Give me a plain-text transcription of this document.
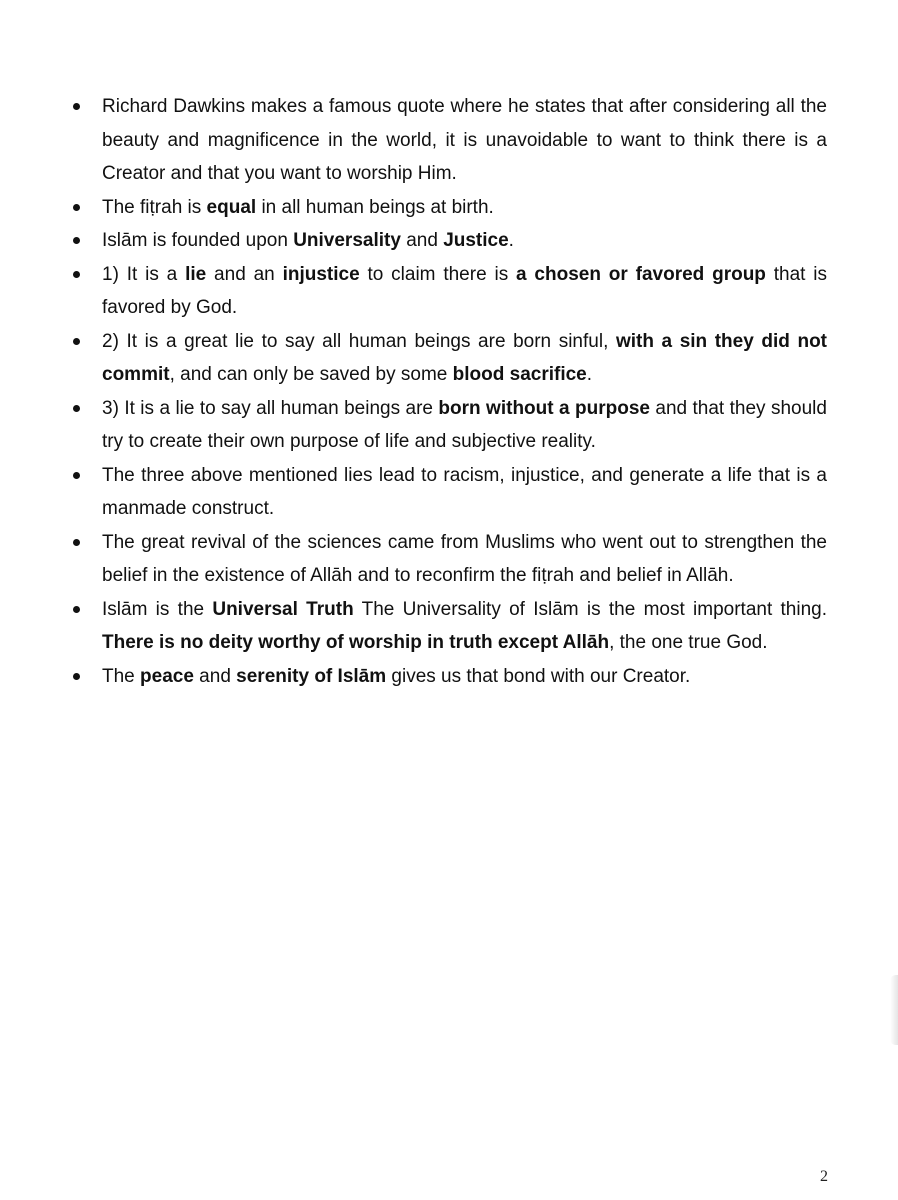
Richard Dawkins makes a famous quote where he states that after considering all the beauty and magnificence in the world, it is unavoidable to want to think there is a Creator and that you want to worship Him.
The fiṭrah is equal in all human beings at birth.
Islām is founded upon Universality and Justice.
1) It is a lie and an injustice to claim there is a chosen or favored group that is favored by God.
2) It is a great lie to say all human beings are born sinful, with a sin they did not commit, and can only be saved by some blood sacrifice.
3) It is a lie to say all human beings are born without a purpose and that they should try to create their own purpose of life and subjective reality.
The three above mentioned lies lead to racism, injustice, and generate a life that is a manmade construct.
The great revival of the sciences came from Muslims who went out to strengthen the belief in the existence of Allāh and to reconfirm the fiṭrah and belief in Allāh.
Islām is the Universal Truth The Universality of Islām is the most important thing. There is no deity worthy of worship in truth except Allāh, the one true God.
The peace and serenity of Islām gives us that bond with our Creator.
2
